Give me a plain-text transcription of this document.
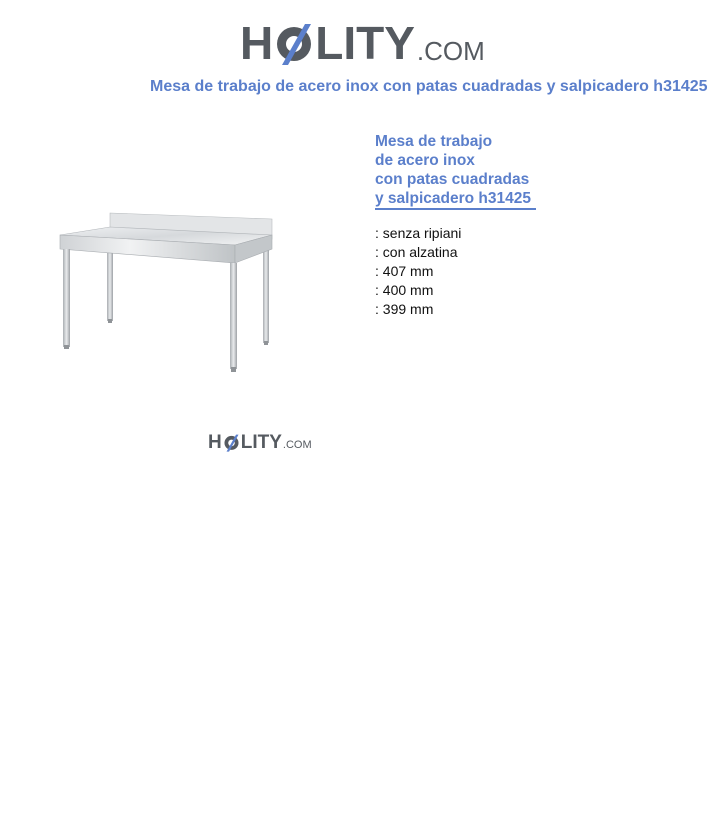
H LITY .COM
Mesa de trabajo de acero inox con patas cuadradas y salpicadero h31425
H LITY .COM
Mesa de trabajo
de acero inox
con patas cuadradas
y salpicadero h31425
: senza ripiani
: con alzatina
: 407 mm
: 400 mm
: 399 mm
